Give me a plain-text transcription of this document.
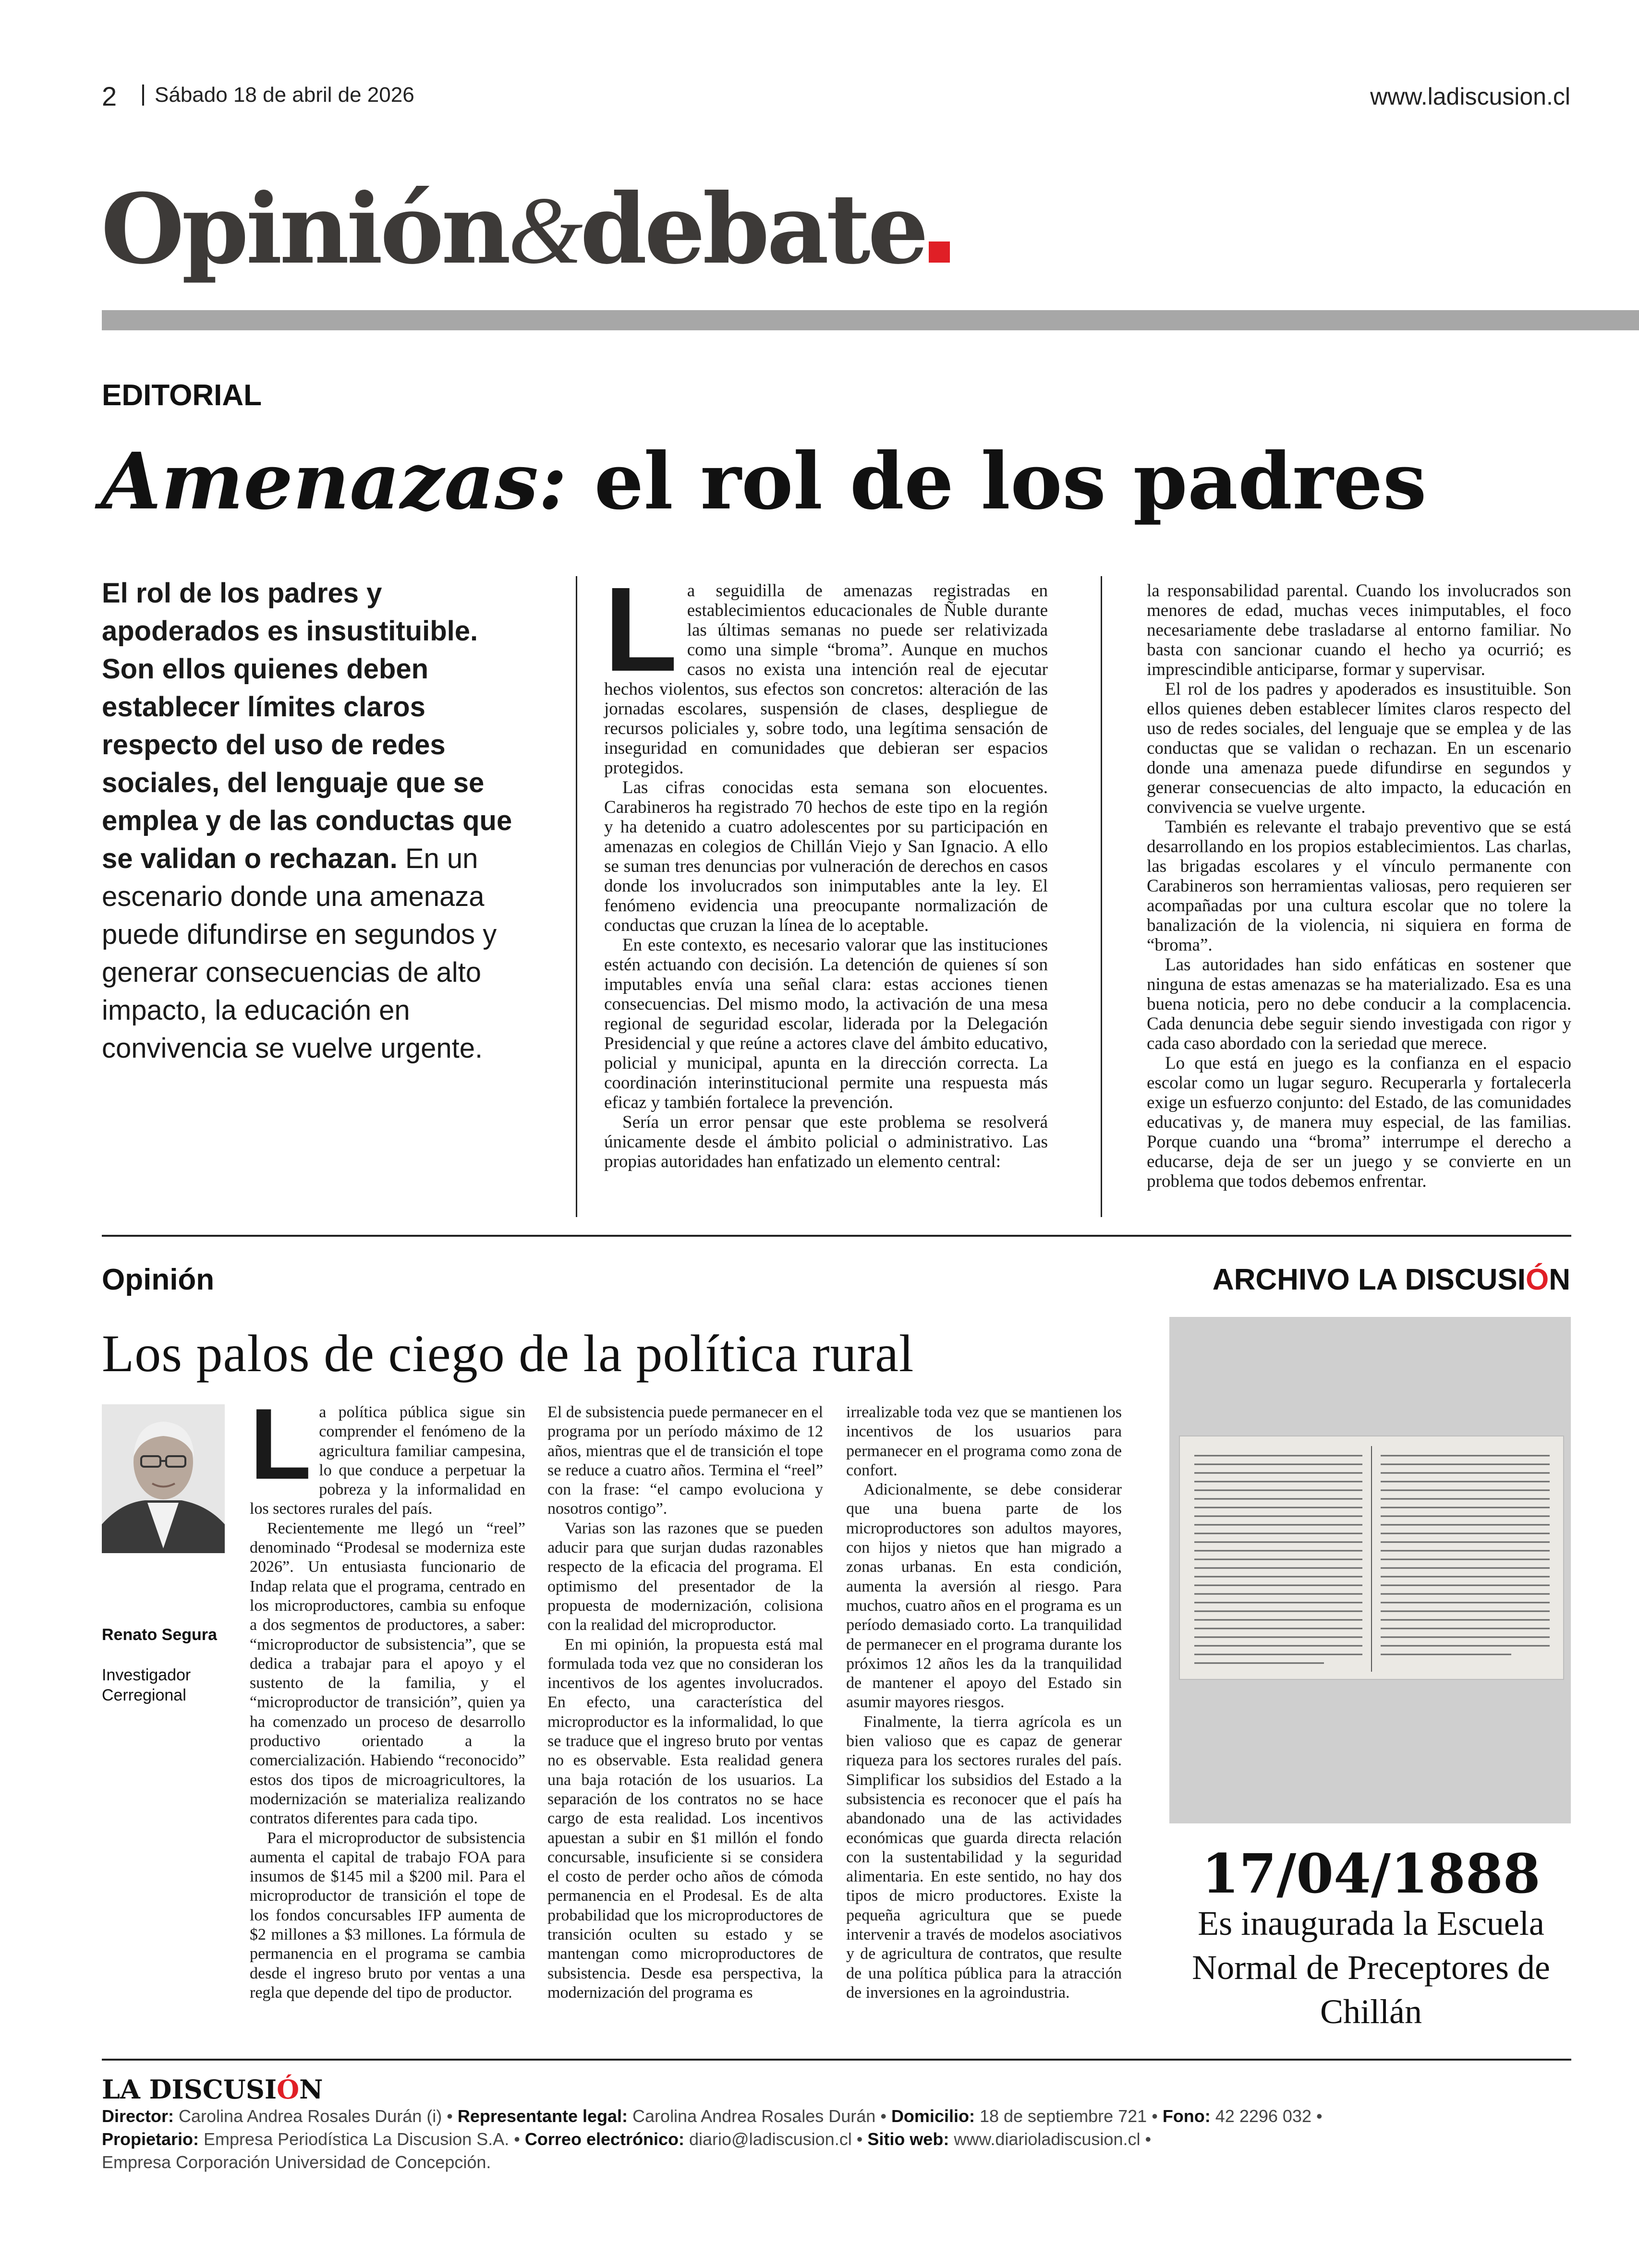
2	Sábado 18 de abril de 2026	www.ladiscusion.cl
Opinión&debate
EDITORIAL
Amenazas: el rol de los padres
El rol de los padres y apoderados es insustituible. Son ellos quienes deben establecer límites claros respecto del uso de redes sociales, del lenguaje que se emplea y de las conductas que se validan o rechazan. En un escenario donde una amenaza puede difundirse en segundos y generar consecuencias de alto impacto, la educación en convivencia se vuelve urgente.
L a seguidilla de amenazas registradas en establecimientos educacionales de Ñuble durante las últimas semanas no puede ser relativizada como una simple “broma”. Aunque en muchos casos no exista una intención real de ejecutar hechos violentos, sus efectos son concretos: alteración de las jornadas escolares, suspensión de clases, despliegue de recursos policiales y, sobre todo, una legítima sensación de inseguridad en comunidades que debieran ser espacios protegidos.

Las cifras conocidas esta semana son elocuentes. Carabineros ha registrado 70 hechos de este tipo en la región y ha detenido a cuatro adolescentes por su participación en amenazas en colegios de Chillán Viejo y San Ignacio. A ello se suman tres denuncias por vulneración de derechos en casos donde los involucrados son inimputables ante la ley. El fenómeno evidencia una preocupante normalización de conductas que cruzan la línea de lo aceptable.

En este contexto, es necesario valorar que las instituciones estén actuando con decisión. La detención de quienes sí son imputables envía una señal clara: estas acciones tienen consecuencias. Del mismo modo, la activación de una mesa regional de seguridad escolar, liderada por la Delegación Presidencial y que reúne a actores clave del ámbito educativo, policial y municipal, apunta en la dirección correcta. La coordinación interinstitucional permite una respuesta más eficaz y también fortalece la prevención.

Sería un error pensar que este problema se resolverá únicamente desde el ámbito policial o administrativo. Las propias autoridades han enfatizado un elemento central:

la responsabilidad parental. Cuando los involucrados son menores de edad, muchas veces inimputables, el foco necesariamente debe trasladarse al entorno familiar. No basta con sancionar cuando el hecho ya ocurrió; es imprescindible anticiparse, formar y supervisar.

El rol de los padres y apoderados es insustituible. Son ellos quienes deben establecer límites claros respecto del uso de redes sociales, del lenguaje que se emplea y de las conductas que se validan o rechazan. En un escenario donde una amenaza puede difundirse en segundos y generar consecuencias de alto impacto, la educación en convivencia se vuelve urgente.

También es relevante el trabajo preventivo que se está desarrollando en los propios establecimientos. Las charlas, las brigadas escolares y el vínculo permanente con Carabineros son herramientas valiosas, pero requieren ser acompañadas por una cultura escolar que no tolere la banalización de la violencia, ni siquiera en forma de “broma”.

Las autoridades han sido enfáticas en sostener que ninguna de estas amenazas se ha materializado. Esa es una buena noticia, pero no debe conducir a la complacencia. Cada denuncia debe seguir siendo investigada con rigor y cada caso abordado con la seriedad que merece.

Lo que está en juego es la confianza en el espacio escolar como un lugar seguro. Recuperarla y fortalecerla exige un esfuerzo conjunto: del Estado, de las comunidades educativas y, de manera muy especial, de las familias. Porque cuando una “broma” interrumpe el derecho a educarse, deja de ser un juego y se convierte en un problema que todos debemos enfrentar.

Opinión	ARCHIVO LA DISCUSIÓN
Los palos de ciego de la política rural
Renato Segura
Investigador Cerregional
L a política pública sigue sin comprender el fenómeno de la agricultura familiar campesina, lo que conduce a perpetuar la pobreza y la informalidad en los sectores rurales del país.

Recientemente me llegó un “reel” denominado “Prodesal se moderniza este 2026”. Un entusiasta funcionario de Indap relata que el programa, centrado en los microproductores, cambia su enfoque a dos segmentos de productores, a saber: “microproductor de subsistencia”, que se dedica a trabajar para el apoyo y el sustento de la familia, y el “microproductor de transición”, quien ya ha comenzado un proceso de desarrollo productivo orientado a la comercialización. Habiendo “reconocido” estos dos tipos de microagricultores, la modernización se materializa realizando contratos diferentes para cada tipo.

Para el microproductor de subsistencia aumenta el capital de trabajo FOA para insumos de $145 mil a $200 mil. Para el microproductor de transición el tope de los fondos concursables IFP aumenta de $2 millones a $3 millones. La fórmula de permanencia en el programa se cambia desde el ingreso bruto por ventas a una regla que depende del tipo de productor.

El de subsistencia puede permanecer en el programa por un período máximo de 12 años, mientras que el de transición el tope se reduce a cuatro años. Termina el “reel” con la frase: “el campo evoluciona y nosotros contigo”.

Varias son las razones que se pueden aducir para que surjan dudas razonables respecto de la eficacia del programa. El optimismo del presentador de la propuesta de modernización, colisiona con la realidad del microproductor.

En mi opinión, la propuesta está mal formulada toda vez que no consideran los incentivos de los agentes involucrados. En efecto, una característica del microproductor es la informalidad, lo que se traduce que el ingreso bruto por ventas no es observable. Esta realidad genera una baja rotación de los usuarios. La separación de los contratos no se hace cargo de esta realidad. Los incentivos apuestan a subir en $1 millón el fondo concursable, insuficiente si se considera el costo de perder ocho años de cómoda permanencia en el Prodesal. Es de alta probabilidad que los microproductores de transición oculten su estado y se mantengan como microproductores de subsistencia. Desde esa perspectiva, la modernización del programa es

irrealizable toda vez que se mantienen los incentivos de los usuarios para permanecer en el programa como zona de confort.

Adicionalmente, se debe considerar que una buena parte de los microproductores son adultos mayores, con hijos y nietos que han migrado a zonas urbanas. En esta condición, aumenta la aversión al riesgo. Para muchos, cuatro años en el programa es un período demasiado corto. La tranquilidad de permanecer en el programa durante los próximos 12 años les da la tranquilidad de mantener el apoyo del Estado sin asumir mayores riesgos.

Finalmente, la tierra agrícola es un bien valioso que es capaz de generar riqueza para los sectores rurales del país. Simplificar los subsidios del Estado a la subsistencia es reconocer que el país ha abandonado una de las actividades económicas que guarda directa relación con la sustentabilidad y la seguridad alimentaria. En este sentido, no hay dos tipos de micro productores. Existe la pequeña agricultura que se puede intervenir a través de modelos asociativos y de agricultura de contratos, que resulte de una política pública para la atracción de inversiones en la agroindustria.

17/04/1888
Es inaugurada la Escuela Normal de Preceptores de Chillán
LA DISCUSIÓN
Director: Carolina Andrea Rosales Durán (i) • Representante legal: Carolina Andrea Rosales Durán • Domicilio: 18 de septiembre 721 • Fono: 42 2296 032 •
Propietario: Empresa Periodística La Discusion S.A. • Correo electrónico: diario@ladiscusion.cl • Sitio web: www.diarioladiscusion.cl •
Empresa Corporación Universidad de Concepción.
